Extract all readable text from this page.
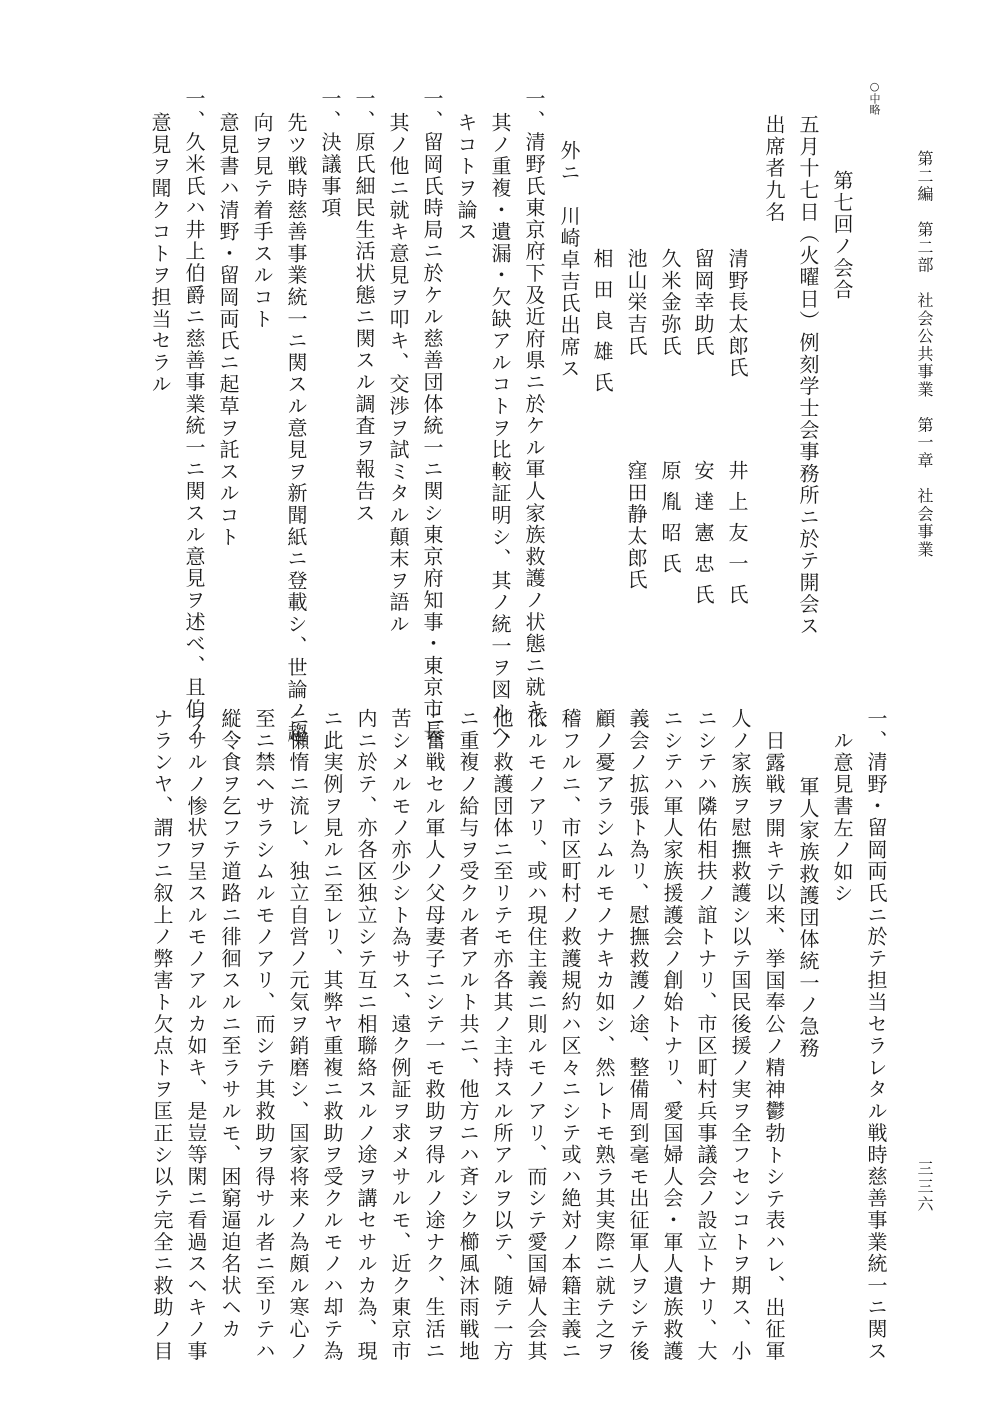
第二編　第二部　社会公共事業　第一章　社会事業
三三六
○中略
第七回ノ会合
五月十七日（火曜日）例刻学士会事務所ニ於テ開会ス
出席者九名
清野長太郎氏
井上友一氏
留岡幸助氏
安達憲忠氏
久米金弥氏
原胤昭氏
池山栄吉氏
窪田静太郎氏
相田良雄氏
外ニ　川崎卓吉氏出席ス
一、清野氏東京府下及近府県ニ於ケル軍人家族救護ノ状態ニ就キ、
其ノ重複・遺漏・欠缺アルコトヲ比較証明シ、其ノ統一ヲ図ルヘ
キコトヲ論ス
一、留岡氏時局ニ於ケル慈善団体統一ニ関シ東京府知事・東京市長
其ノ他ニ就キ意見ヲ叩キ、交渉ヲ試ミタル顛末ヲ語ル
一、原氏細民生活状態ニ関スル調査ヲ報告ス
一、決議事項
先ツ戦時慈善事業統一ニ関スル意見ヲ新聞紙ニ登載シ、世論ノ趨
向ヲ見テ着手スルコト
意見書ハ清野・留岡両氏ニ起草ヲ託スルコト
一、久米氏ハ井上伯爵ニ慈善事業統一ニ関スル意見ヲ述べ、且伯ノ
意見ヲ聞クコトヲ担当セラル
一、清野・留岡両氏ニ於テ担当セラレタル戦時慈善事業統一ニ関ス
ル意見書左ノ如シ
軍人家族救護団体統一ノ急務
日露戦ヲ開キテ以来、挙国奉公ノ精神鬱勃トシテ表ハレ、出征軍
人ノ家族ヲ慰撫救護シ以テ国民後援ノ実ヲ全フセンコトヲ期ス、小
ニシテハ隣佑相扶ノ誼トナリ、市区町村兵事議会ノ設立トナリ、大
ニシテハ軍人家族援護会ノ創始トナリ、愛国婦人会・軍人遺族救護
義会ノ拡張ト為リ、慰撫救護ノ途、整備周到毫モ出征軍人ヲシテ後
顧ノ憂アラシムルモノナキカ如シ、然レトモ熟ラ其実際ニ就テ之ヲ
稽フルニ、市区町村ノ救護規約ハ区々ニシテ或ハ絶対ノ本籍主義ニ
依ルモノアリ、或ハ現住主義ニ則ルモノアリ、而シテ愛国婦人会其
他ノ救護団体ニ至リテモ亦各其ノ主持スル所アルヲ以テ、随テ一方
ニ重複ノ給与ヲ受クル者アルト共ニ、他方ニハ斉シク櫛風沐雨戦地
ニ奮戦セル軍人ノ父母妻子ニシテ一モ救助ヲ得ルノ途ナク、生活ニ
苦シメルモノ亦少シト為サス、遠ク例証ヲ求メサルモ、近ク東京市
内ニ於テ、亦各区独立シテ互ニ相聯絡スルノ途ヲ講セサルカ為、現
ニ此実例ヲ見ルニ至レリ、其弊ヤ重複ニ救助ヲ受クルモノハ却テ為
ニ懶惰ニ流レ、独立自営ノ元気ヲ銷磨シ、国家将来ノ為頗ル寒心ノ
至ニ禁ヘサラシムルモノアリ、而シテ其救助ヲ得サル者ニ至リテハ
縦令食ヲ乞フテ道路ニ徘徊スルニ至ラサルモ、困窮逼迫名状ヘカ
ラサルノ惨状ヲ呈スルモノアルカ如キ、是豈等閑ニ看過スヘキノ事
ナランヤ、謂フニ叙上ノ弊害ト欠点トヲ匡正シ以テ完全ニ救助ノ目
